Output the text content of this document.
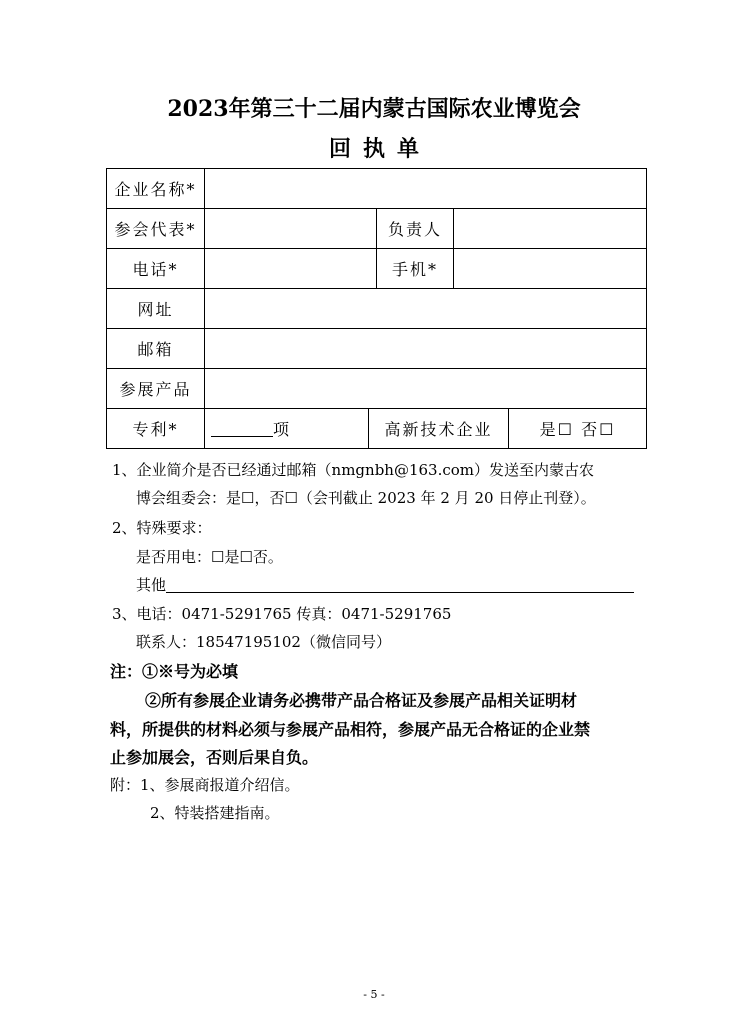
2023年第三十二届内蒙古国际农业博览会
回执单
企业名称*					
参会代表*			负责人		
电话*			手机*		
网址					
邮箱					
参展产品					
专利*	项	高新技术企业			是☐ 否☐
1、企业简介是否已经通过邮箱（nmgnbh@163.com）发送至内蒙古农
博会组委会：是☐，否☐（会刊截止 2023 年 2 月 20 日停止刊登）。
2、特殊要求：
是否用电：☐是☐否。
其他
3、电话：0471-5291765 传真：0471-5291765
联系人：18547195102（微信同号）
注：①※号为必填
②所有参展企业请务必携带产品合格证及参展产品相关证明材
料，所提供的材料必须与参展产品相符，参展产品无合格证的企业禁
止参加展会，否则后果自负。
附：1、参展商报道介绍信。
2、特装搭建指南。
- 5 -
